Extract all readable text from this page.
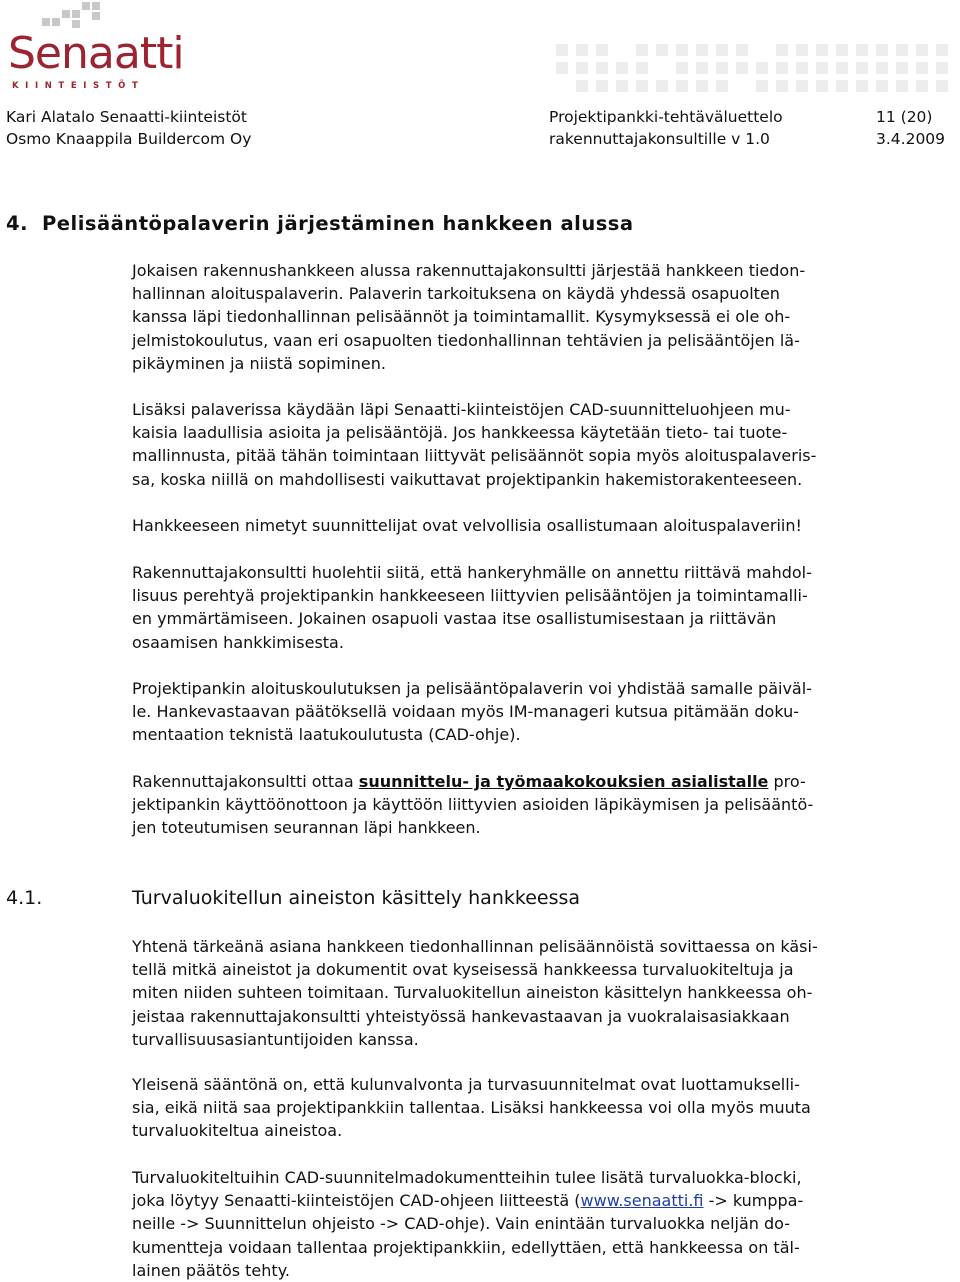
Senaatti
KIINTEISTÖT
Kari Alatalo Senaatti-kiinteistöt
Osmo Knaappila Buildercom Oy
Projektipankki-tehtäväluettelo
rakennuttajakonsultille v 1.0
11 (20)
3.4.2009
4. Pelisääntöpalaverin järjestäminen hankkeen alussa
Jokaisen rakennushankkeen alussa rakennuttajakonsultti järjestää hankkeen tiedon-
hallinnan aloituspalaverin. Palaverin tarkoituksena on käydä yhdessä osapuolten
kanssa läpi tiedonhallinnan pelisäännöt ja toimintamallit. Kysymyksessä ei ole oh-
jelmistokoulutus, vaan eri osapuolten tiedonhallinnan tehtävien ja pelisääntöjen lä-
pikäyminen ja niistä sopiminen.
Lisäksi palaverissa käydään läpi Senaatti-kiinteistöjen CAD-suunnitteluohjeen mu-
kaisia laadullisia asioita ja pelisääntöjä. Jos hankkeessa käytetään tieto- tai tuote-
mallinnusta, pitää tähän toimintaan liittyvät pelisäännöt sopia myös aloituspalaveris-
sa, koska niillä on mahdollisesti vaikuttavat projektipankin hakemistorakenteeseen.
Hankkeeseen nimetyt suunnittelijat ovat velvollisia osallistumaan aloituspalaveriin!
Rakennuttajakonsultti huolehtii siitä, että hankeryhmälle on annettu riittävä mahdol-
lisuus perehtyä projektipankin hankkeeseen liittyvien pelisääntöjen ja toimintamalli-
en ymmärtämiseen. Jokainen osapuoli vastaa itse osallistumisestaan ja riittävän
osaamisen hankkimisesta.
Projektipankin aloituskoulutuksen ja pelisääntöpalaverin voi yhdistää samalle päiväl-
le. Hankevastaavan päätöksellä voidaan myös IM-manageri kutsua pitämään doku-
mentaation teknistä laatukoulutusta (CAD-ohje).
Rakennuttajakonsultti ottaa suunnittelu- ja työmaakokouksien asialistalle pro-
jektipankin käyttöönottoon ja käyttöön liittyvien asioiden läpikäymisen ja pelisääntö-
jen toteutumisen seurannan läpi hankkeen.
4.1.	Turvaluokitellun aineiston käsittely hankkeessa
Yhtenä tärkeänä asiana hankkeen tiedonhallinnan pelisäännöistä sovittaessa on käsi-
tellä mitkä aineistot ja dokumentit ovat kyseisessä hankkeessa turvaluokiteltuja ja
miten niiden suhteen toimitaan. Turvaluokitellun aineiston käsittelyn hankkeessa oh-
jeistaa rakennuttajakonsultti yhteistyössä hankevastaavan ja vuokralaisasiakkaan
turvallisuusasiantuntijoiden kanssa.
Yleisenä sääntönä on, että kulunvalvonta ja turvasuunnitelmat ovat luottamukselli-
sia, eikä niitä saa projektipankkiin tallentaa. Lisäksi hankkeessa voi olla myös muuta
turvaluokiteltua aineistoa.
Turvaluokiteltuihin CAD-suunnitelmadokumentteihin tulee lisätä turvaluokka-blocki,
joka löytyy Senaatti-kiinteistöjen CAD-ohjeen liitteestä (www.senaatti.fi -> kumppa-
neille -> Suunnittelun ohjeisto -> CAD-ohje). Vain enintään turvaluokka neljän do-
kumentteja voidaan tallentaa projektipankkiin, edellyttäen, että hankkeessa on täl-
lainen päätös tehty.
